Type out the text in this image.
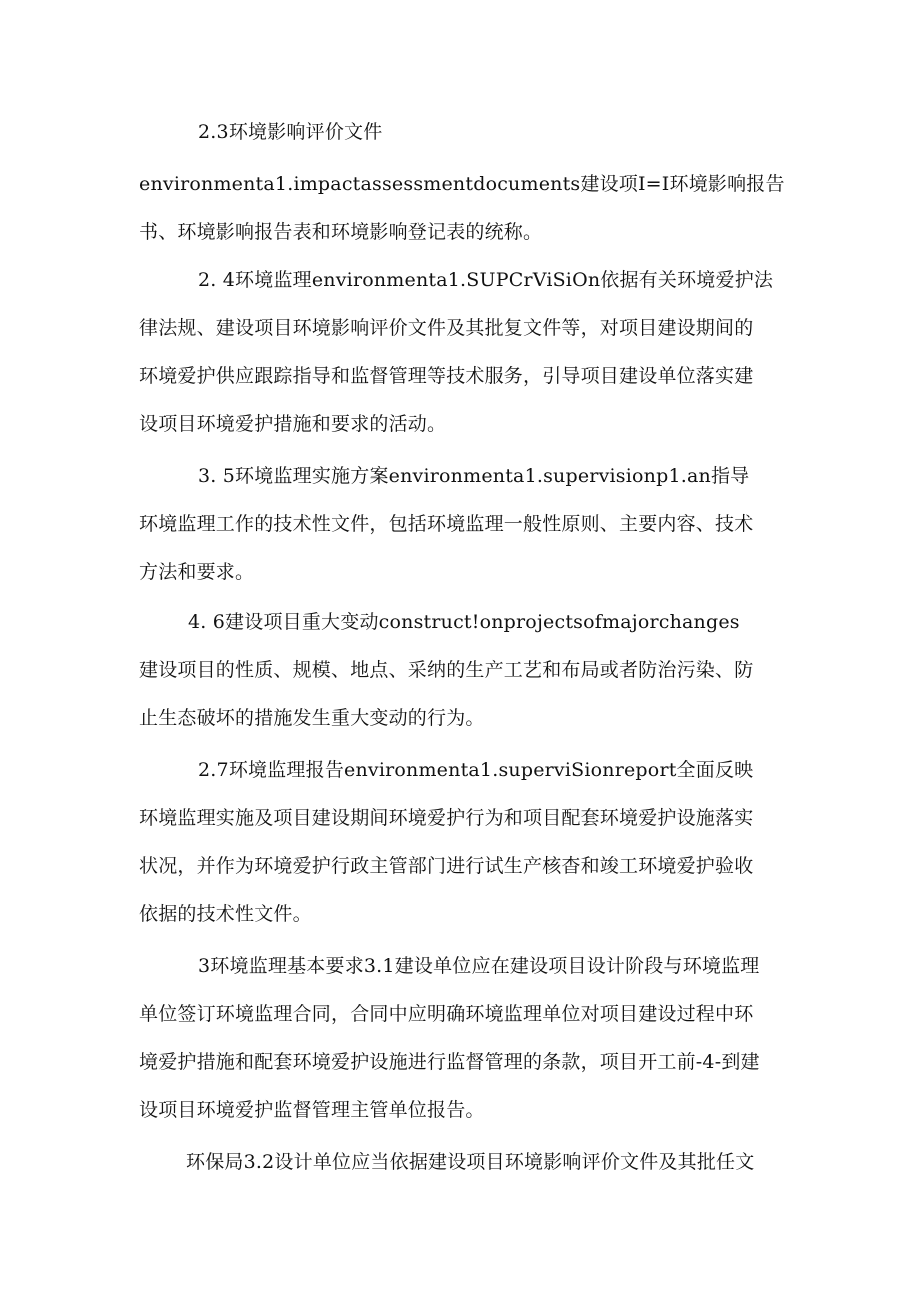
2.3环境影响评价文件
environmenta1.impactassessmentdocuments建设项I=I环境影响报告
书、环境影响报告表和环境影响登记表的统称。
2. 4环境监理environmenta1.SUPCrViSiOn依据有关环境爱护法
律法规、建设项目环境影响评价文件及其批复文件等，对项目建设期间的
环境爱护供应跟踪指导和监督管理等技术服务，引导项目建设单位落实建
设项目环境爱护措施和要求的活动。
3. 5环境监理实施方案environmenta1.supervisionp1.an指导
环境监理工作的技术性文件，包括环境监理一般性原则、主要内容、技术
方法和要求。
4. 6建设项目重大变动construct!onprojectsofmajorchanges
建设项目的性质、规模、地点、采纳的生产工艺和布局或者防治污染、防
止生态破坏的措施发生重大变动的行为。
2.7环境监理报告environmenta1.superviSionreport全面反映
环境监理实施及项目建设期间环境爱护行为和项目配套环境爱护设施落实
状况，并作为环境爱护行政主管部门进行试生产核杳和竣工环境爱护验收
依据的技术性文件。
3环境监理基本要求3.1建设单位应在建设项目设计阶段与环境监理
单位签订环境监理合同，合同中应明确环境监理单位对项目建设过程中环
境爱护措施和配套环境爱护设施进行监督管理的条款，项目开工前-4-到建
设项目环境爱护监督管理主管单位报告。
环保局3.2设计单位应当依据建设项目环境影响评价文件及其批任文
